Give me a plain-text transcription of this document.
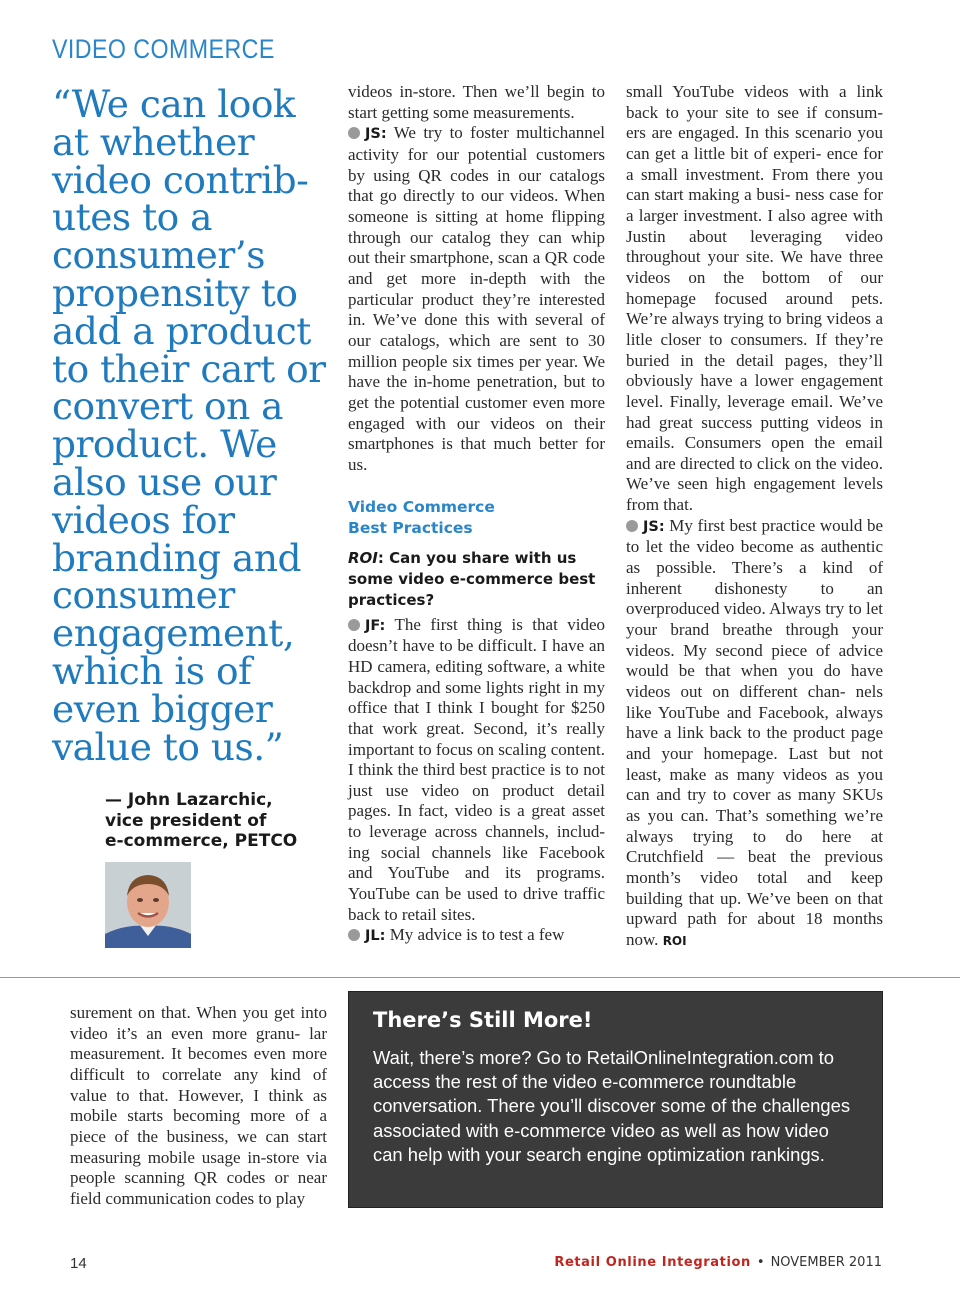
VIDEO COMMERCE
“We can look at whether video contrib- utes to a consumer’s propensity to add a product to their cart or convert on a product. We also use our videos for branding and consumer engagement, which is of even bigger value to us.”
— John Lazarchic,
vice president of
e-commerce, PETCO

videos in-store. Then we’ll begin to start getting some measurements.

JS: We try to foster multichannel activity for our potential customers by using QR codes in our catalogs that go directly to our videos. When someone is sitting at home flipping through our catalog they can whip out their smartphone, scan a QR code and get more in-depth with the particular product they’re interested in. We’ve done this with several of our catalogs, which are sent to 30 million people six times per year. We have the in-home penetration, but to get the potential customer even more engaged with our videos on their smartphones is that much better for us.

Video Commerce
Best Practices
ROI: Can you share with us some video e-commerce best practices?

JF: The first thing is that video doesn’t have to be difficult. I have an HD camera, editing software, a white backdrop and some lights right in my office that I think I bought for $250 that work great. Second, it’s really important to focus on scaling content. I think the third best practice is to not just use video on product detail pages. In fact, video is a great asset to leverage across channels, includ- ing social channels like Facebook and YouTube and its programs. YouTube can be used to drive traffic back to retail sites.

JL: My advice is to test a few

small YouTube videos with a link back to your site to see if consum- ers are engaged. In this scenario you can get a little bit of experi- ence for a small investment. From there you can start making a busi- ness case for a larger investment. I also agree with Justin about leveraging video throughout your site. We have three videos on the bottom of our homepage focused around pets. We’re always trying to bring videos a litle closer to consumers. If they’re buried in the detail pages, they’ll obviously have a lower engagement level. Finally, leverage email. We’ve had great success putting videos in emails. Consumers open the email and are directed to click on the video. We’ve seen high engagement levels from that.

JS: My first best practice would be to let the video become as authentic as possible. There’s a kind of inherent dishonesty to an overproduced video. Always try to let your brand breathe through your videos. My second piece of advice would be that when you do have videos out on different chan- nels like YouTube and Facebook, always have a link back to the product page and your homepage. Last but not least, make as many videos as you can and try to cover as many SKUs as you can. That’s something we’re always trying to do here at Crutchfield — beat the previous month’s video total and keep building that up. We’ve been on that upward path for about 18 months now. ROI

surement on that. When you get into video it’s an even more granu- lar measurement. It becomes even more difficult to correlate any kind of value to that. However, I think as mobile starts becoming more of a piece of the business, we can start measuring mobile usage in-store via people scanning QR codes or near field communication codes to play

There’s Still More!

Wait, there’s more? Go to RetailOnlineIntegration.com to access the rest of the video e-commerce roundtable conversation. There you’ll discover some of the challenges associated with e-commerce video as well as how video can help with your search engine optimization rankings.

14	Retail Online Integration • NOVEMBER 2011
